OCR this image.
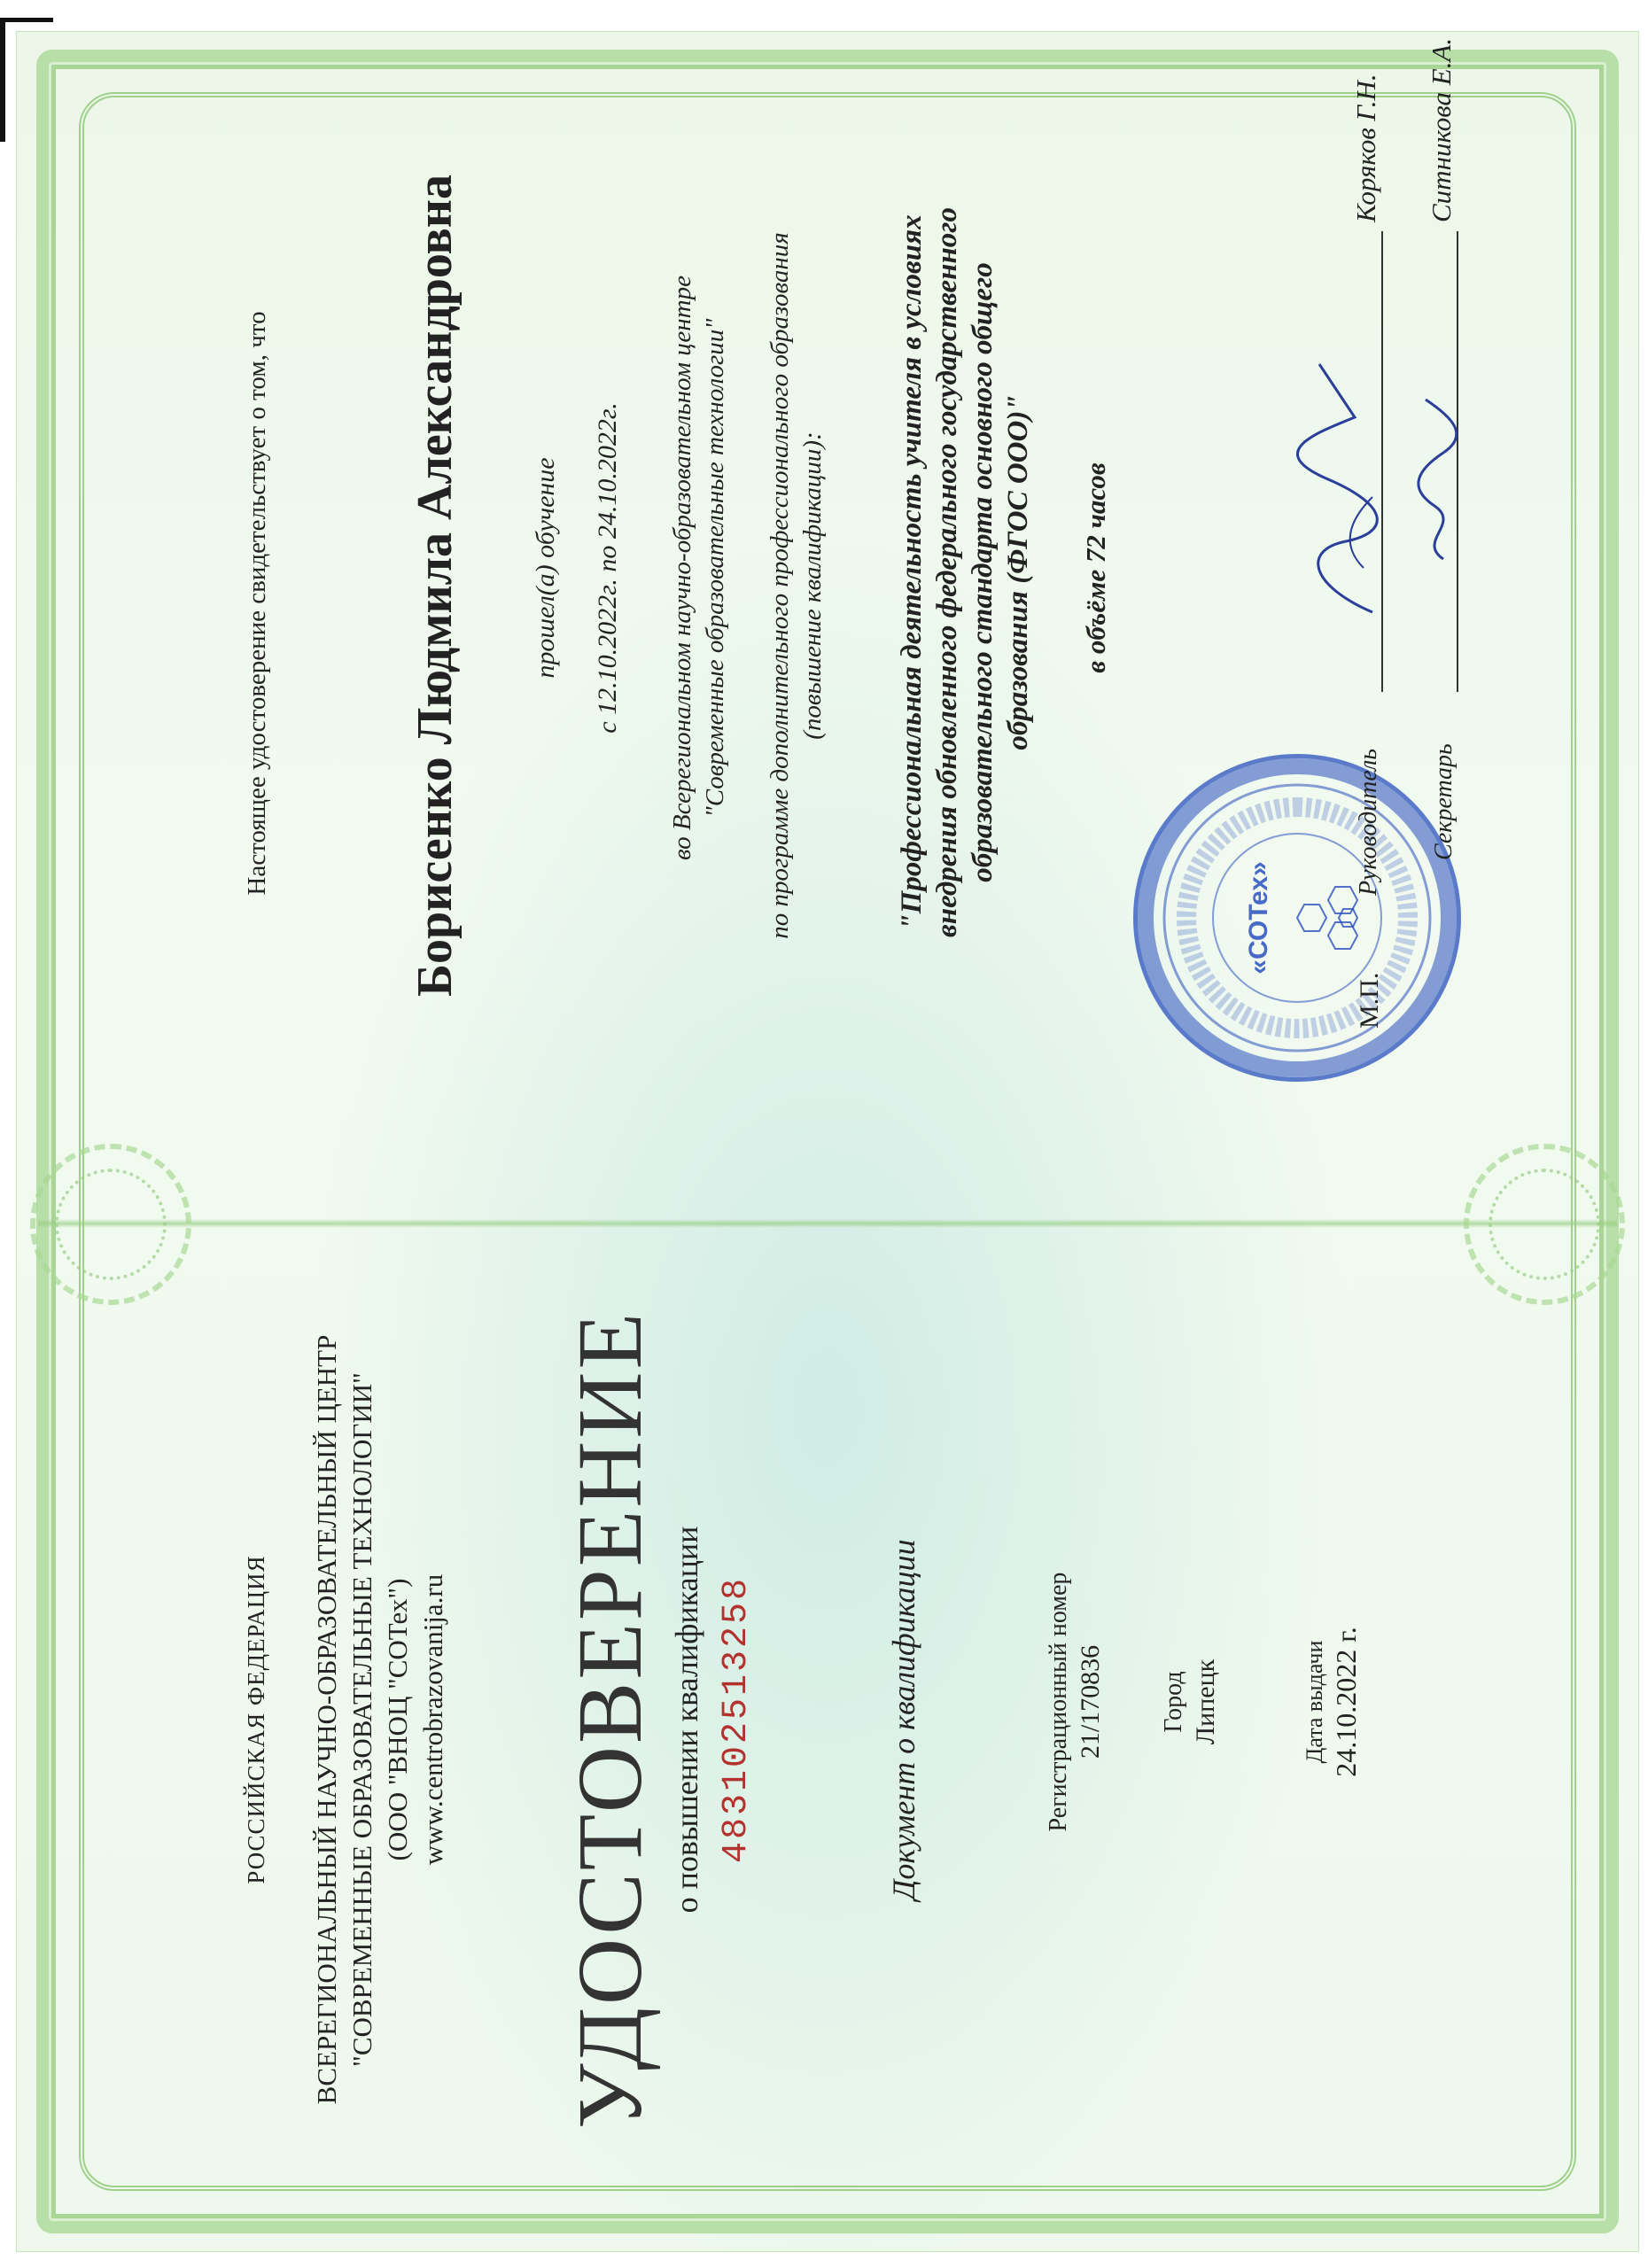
РОССИЙСКАЯ ФЕДЕРАЦИЯ ВСЕРЕГИОНАЛЬНЫЙ НАУЧНО-ОБРАЗОВАТЕЛЬНЫЙ ЦЕНТР "СОВРЕМЕННЫЕ ОБРАЗОВАТЕЛЬНЫЕ ТЕХНОЛОГИИ" (ООО "ВНОЦ "СОТех") www.centrobrazovanija.ru УДОСТОВЕРЕНИЕ о повышении квалификации 483102513258	Документ о квалификации	Регистрационный номер 21/170836 Город Липецк	Дата выдачи 24.10.2022 г.
Настоящее удостоверение свидетельствует о том, что	Борисенко Людмила Александровна	прошел(а) обучение с 12.10.2022г. по 24.10.2022г. во Всерегиональном научно-образовательном центре "Современные образовательные технологии" по программе дополнительного профессионального образования (повышение квалификации): "Профессиональная деятельность учителя в условиях внедрения обновленного федерального государственного образовательного стандарта основного общего образования (ФГОС ООО)" в объёме 72 часов
«СОТех»
М.П.
Руководитель
Коряков Г.Н.
Секретарь
Ситникова Е.А.
